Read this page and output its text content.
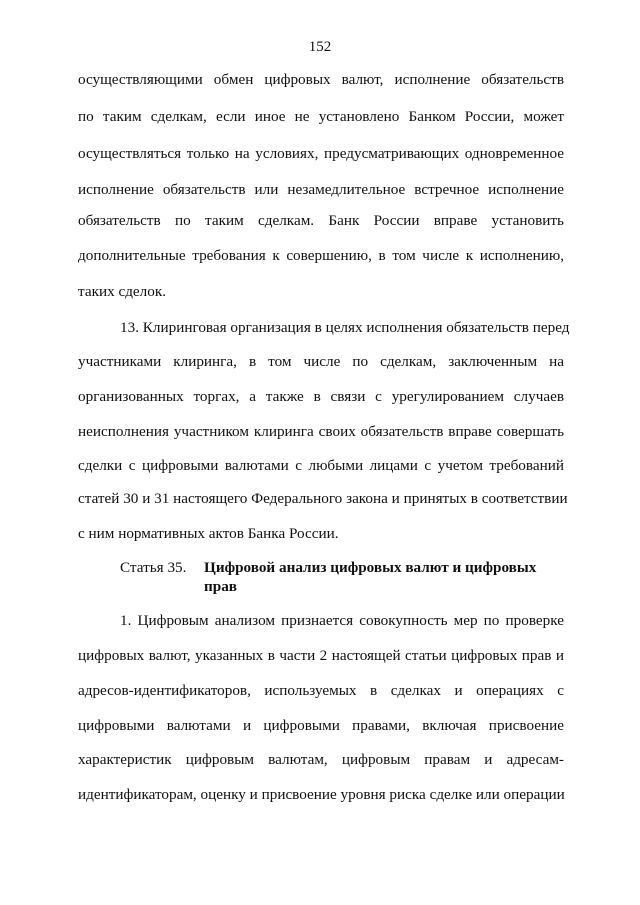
152
осуществляющими обмен цифровых валют, исполнение обязательств
по таким сделкам, если иное не установлено Банком России, может
осуществляться только на условиях, предусматривающих одновременное
исполнение обязательств или незамедлительное встречное исполнение
обязательств по таким сделкам. Банк России вправе установить
дополнительные требования к совершению, в том числе к исполнению,
таких сделок.
13. Клиринговая организация в целях исполнения обязательств перед
участниками клиринга, в том числе по сделкам, заключенным на
организованных торгах, а также в связи с урегулированием случаев
неисполнения участником клиринга своих обязательств вправе совершать
сделки с цифровыми валютами с любыми лицами с учетом требований
статей 30 и 31 настоящего Федерального закона и принятых в соответствии
с ним нормативных актов Банка России.
Статья 35. Цифровой анализ цифровых валют и цифровых прав
1. Цифровым анализом признается совокупность мер по проверке
цифровых валют, указанных в части 2 настоящей статьи цифровых прав и
адресов-идентификаторов, используемых в сделках и операциях с
цифровыми валютами и цифровыми правами, включая присвоение
характеристик цифровым валютам, цифровым правам и адресам-
идентификаторам, оценку и присвоение уровня риска сделке или операции
